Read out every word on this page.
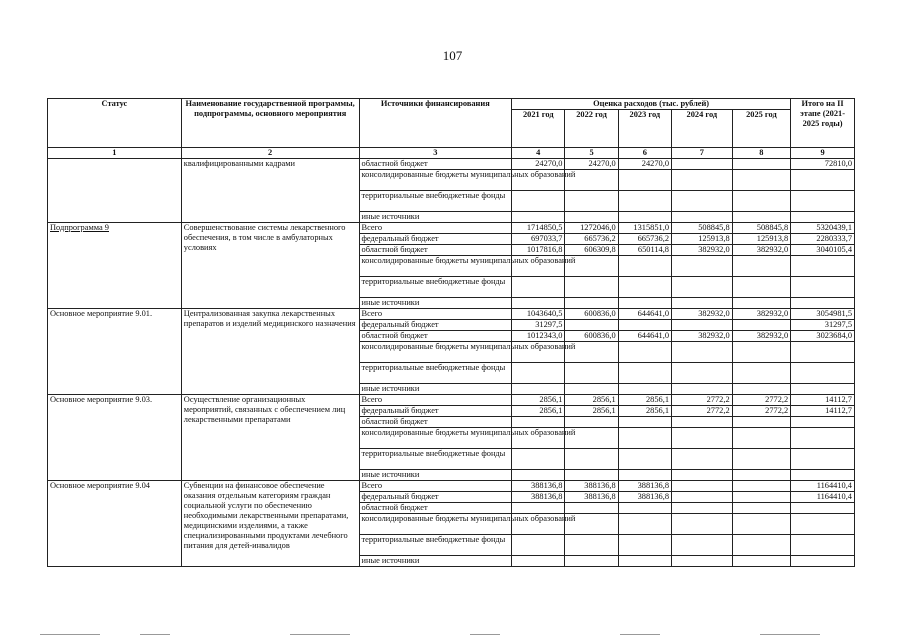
107
Статус	Наименование государственной программы, подпрограммы, основного мероприятия	Источники финансирования	Оценка расходов (тыс. рублей)					Итого на II этапе (2021-2025 годы)
			2021 год	2022 год	2023 год	2024 год	2025 год	
1	2	3	4	5	6	7	8	9
	квалифицированными кадрами	областной бюджет	24270,0	24270,0	24270,0			72810,0
		консолидированные бюджеты муниципальных образований						
		территориальные внебюджетные фонды						
		иные источники						
Подпрограмма 9	Совершенствование системы лекарственного обеспечения, в том числе в амбулаторных условиях	Всего	1714850,5	1272046,0	1315851,0	508845,8	508845,8	5320439,1
		федеральный бюджет	697033,7	665736,2	665736,2	125913,8	125913,8	2280333,7
		областной бюджет	1017816,8	606309,8	650114,8	382932,0	382932,0	3040105,4
		консолидированные бюджеты муниципальных образований						
		территориальные внебюджетные фонды						
		иные источники						
Основное мероприятие 9.01.	Централизованная закупка лекарственных препаратов и изделий медицинского назначения	Всего	1043640,5	600836,0	644641,0	382932,0	382932,0	3054981,5
		федеральный бюджет	31297,5					31297,5
		областной бюджет	1012343,0	600836,0	644641,0	382932,0	382932,0	3023684,0
		консолидированные бюджеты муниципальных образований						
		территориальные внебюджетные фонды						
		иные источники						
Основное мероприятие 9.03.	Осуществление организационных мероприятий, связанных с обеспечением лиц лекарственными препаратами	Всего	2856,1	2856,1	2856,1	2772,2	2772,2	14112,7
		федеральный бюджет	2856,1	2856,1	2856,1	2772,2	2772,2	14112,7
		областной бюджет						
		консолидированные бюджеты муниципальных образований						
		территориальные внебюджетные фонды						
		иные источники						
Основное мероприятие 9.04	Субвенции на финансовое обеспечение оказания отдельным категориям граждан социальной услуги по обеспечению необходимыми лекарственными препаратами, медицинскими изделиями, а также специализированными продуктами лечебного питания для детей-инвалидов	Всего	388136,8	388136,8	388136,8			1164410,4
		федеральный бюджет	388136,8	388136,8	388136,8			1164410,4
		областной бюджет						
		консолидированные бюджеты муниципальных образований						
		территориальные внебюджетные фонды						
		иные источники						
